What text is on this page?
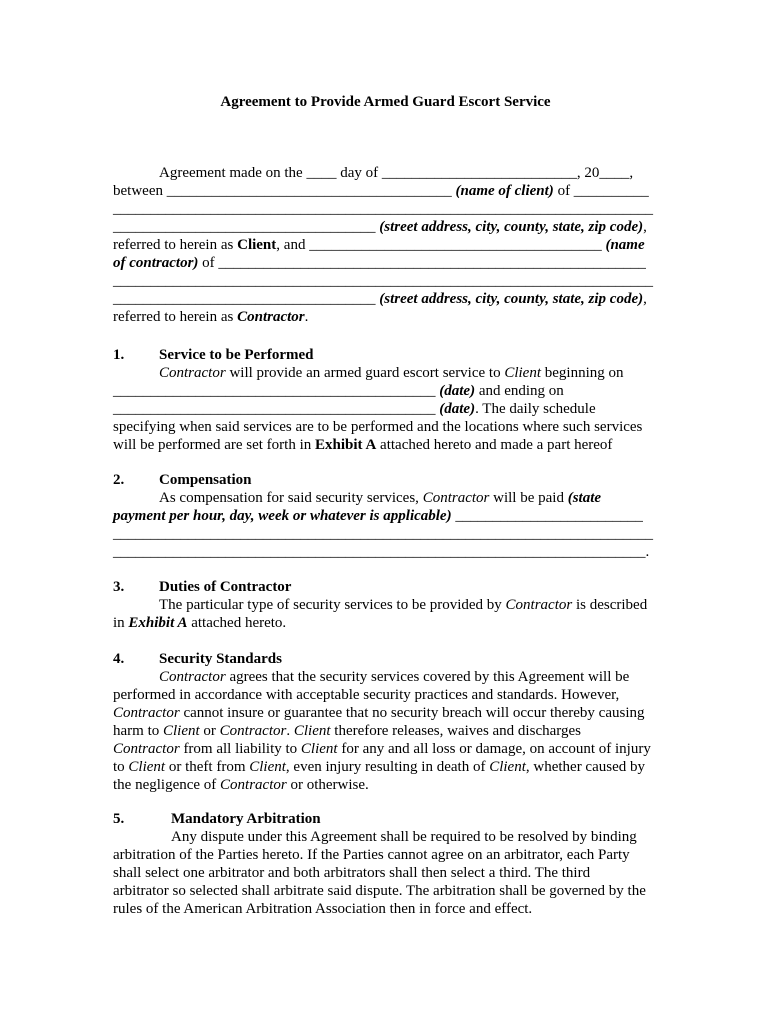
Agreement to Provide Armed Guard Escort Service
Agreement made on the ____ day of __________________________, 20____,
between ______________________________________ (name of client) of __________
________________________________________________________________________
___________________________________ (street address, city, county, state, zip code),
referred to herein as Client, and _______________________________________ (name
of contractor) of _________________________________________________________
________________________________________________________________________
___________________________________ (street address, city, county, state, zip code),
referred to herein as Contractor.
1. Service to be Performed
Contractor will provide an armed guard escort service to Client beginning on
___________________________________________ (date) and ending on
___________________________________________ (date). The daily schedule
specifying when said services are to be performed and the locations where such services
will be performed are set forth in Exhibit A attached hereto and made a part hereof
2. Compensation
As compensation for said security services, Contractor will be paid (state
payment per hour, day, week or whatever is applicable) _________________________
________________________________________________________________________
_______________________________________________________________________.
3. Duties of Contractor
The particular type of security services to be provided by Contractor is described
in Exhibit A attached hereto.
4. Security Standards
Contractor agrees that the security services covered by this Agreement will be
performed in accordance with acceptable security practices and standards. However,
Contractor cannot insure or guarantee that no security breach will occur thereby causing
harm to Client or Contractor. Client therefore releases, waives and discharges
Contractor from all liability to Client for any and all loss or damage, on account of injury
to Client or theft from Client, even injury resulting in death of Client, whether caused by
the negligence of Contractor or otherwise.
5.	Mandatory Arbitration
Any dispute under this Agreement shall be required to be resolved by binding
arbitration of the Parties hereto. If the Parties cannot agree on an arbitrator, each Party
shall select one arbitrator and both arbitrators shall then select a third. The third
arbitrator so selected shall arbitrate said dispute. The arbitration shall be governed by the
rules of the American Arbitration Association then in force and effect.
